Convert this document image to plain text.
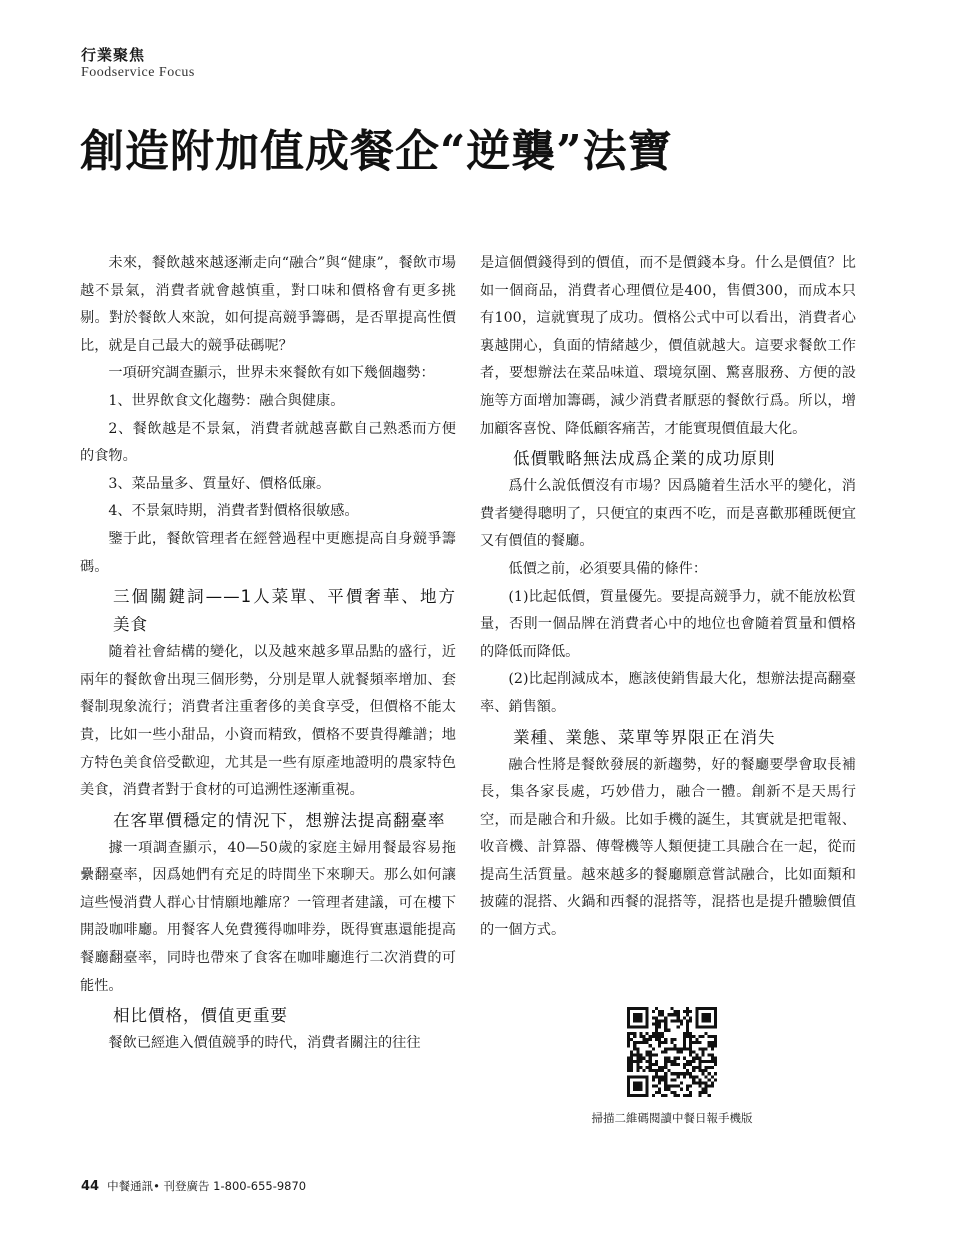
行業聚焦
Foodservice Focus
創造附加值成餐企“逆襲”法寶

未來，餐飲越來越逐漸走向“融合”與“健康”，餐飲市場越不景氣，消費者就會越慎重，對口味和價格會有更多挑剔。對於餐飲人來說，如何提高競爭籌碼，是否單提高性價比，就是自己最大的競爭砝碼呢？

一項研究調查顯示，世界未來餐飲有如下幾個趨勢：

1、世界飲食文化趨勢：融合與健康。

2、餐飲越是不景氣，消費者就越喜歡自己熟悉而方便的食物。

3、菜品量多、質量好、價格低廉。

4、不景氣時期，消費者對價格很敏感。

鑒于此，餐飲管理者在經營過程中更應提高自身競爭籌碼。

三個關鍵詞——1人菜單、平價奢華、地方美食

隨着社會結構的變化，以及越來越多單品點的盛行，近兩年的餐飲會出現三個形勢，分別是單人就餐頻率增加、套餐制現象流行；消費者注重奢侈的美食享受，但價格不能太貴，比如一些小甜品，小資而精致，價格不要貴得離譜；地方特色美食倍受歡迎，尤其是一些有原產地證明的農家特色美食，消費者對于食材的可追溯性逐漸重視。

在客單價穩定的情況下，想辦法提高翻臺率

據一項調查顯示，40—50歲的家庭主婦用餐最容易拖纍翻臺率，因爲她們有充足的時間坐下來聊天。那么如何讓這些慢消費人群心甘情願地離席？一管理者建議，可在樓下開設咖啡廳。用餐客人免費獲得咖啡券，既得實惠還能提高餐廳翻臺率，同時也帶來了食客在咖啡廳進行二次消費的可能性。

相比價格，價值更重要

餐飲已經進入價值競爭的時代，消費者關注的往往

是這個價錢得到的價值，而不是價錢本身。什么是價值？比如一個商品，消費者心理價位是400，售價300，而成本只有100，這就實現了成功。價格公式中可以看出，消費者心裏越開心，負面的情緒越少，價值就越大。這要求餐飲工作者，要想辦法在菜品味道、環境氛圍、驚喜服務、方便的設施等方面增加籌碼，減少消費者厭惡的餐飲行爲。所以，增加顧客喜悅、降低顧客痛苦，才能實現價值最大化。

低價戰略無法成爲企業的成功原則

爲什么說低價沒有市場？因爲隨着生活水平的變化，消費者變得聰明了，只便宜的東西不吃，而是喜歡那種既便宜又有價值的餐廳。

低價之前，必須要具備的條件：

(1)比起低價，質量優先。要提高競爭力，就不能放松質量，否則一個品牌在消費者心中的地位也會隨着質量和價格的降低而降低。

(2)比起削減成本，應該使銷售最大化，想辦法提高翻臺率、銷售額。

業種、業態、菜單等界限正在消失

融合性將是餐飲發展的新趨勢，好的餐廳要學會取長補長，集各家長處，巧妙借力，融合一體。創新不是天馬行空，而是融合和升級。比如手機的誕生，其實就是把電報、收音機、計算器、傳聲機等人類便捷工具融合在一起，從而提高生活質量。越來越多的餐廳願意嘗試融合，比如面類和披薩的混搭、火鍋和西餐的混搭等，混搭也是提升體驗價值的一個方式。

掃描二維碼閱讀中餐日報手機版
44 中餐通訊• 刊登廣告 1-800-655-9870
